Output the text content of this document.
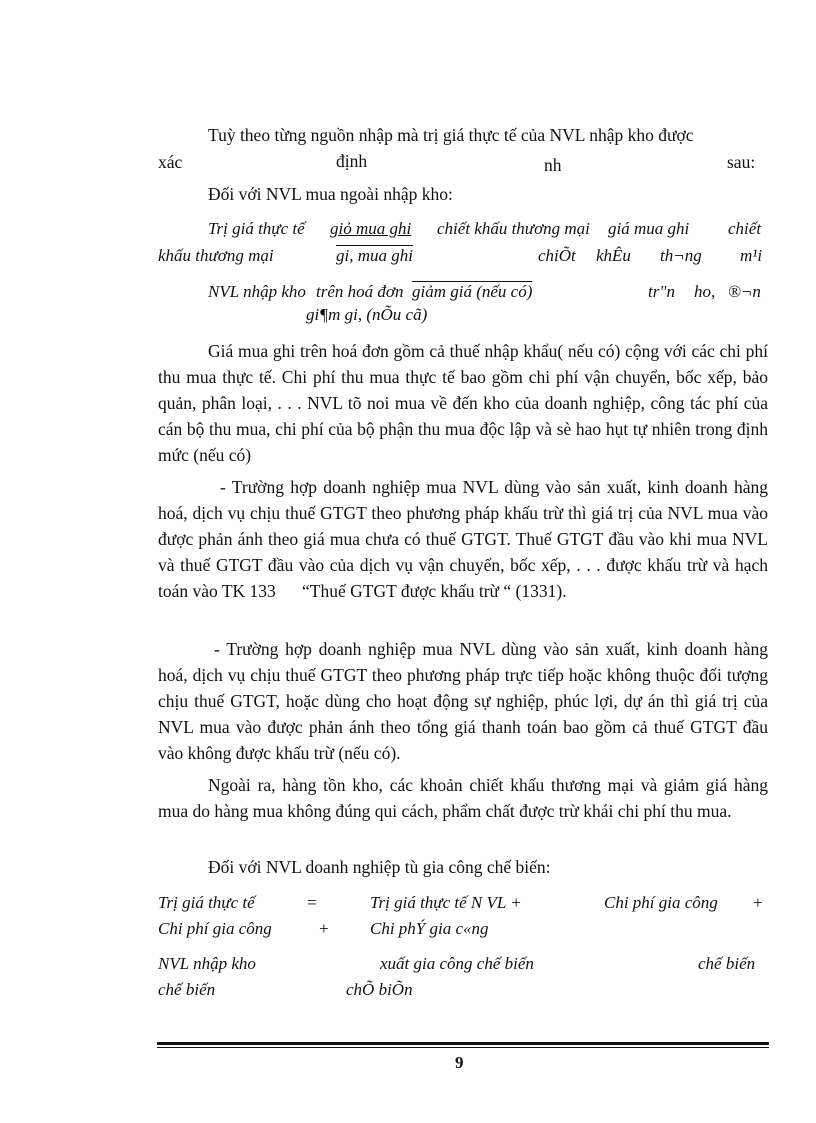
Tuỳ theo từng nguồn nhập mà trị giá thực tế của NVL nhập kho được
xác	định	nh	sau:
Đối với NVL mua ngoài nhập kho:
Trị giá thực tế giỏ mua ghi chiết khấu thương mại giá mua ghi chiết
khấu thương mại	gi, mua ghi	chiÕt khÊu th¬ng m¹i
NVL nhập kho trên hoá đơn giảm giá (nếu có)	tr"n ho, ®¬n
gi¶m gi, (nÕu cã)
Giá mua ghi trên hoá đơn gồm cả thuế nhập khẩu( nếu có) cộng với các chi phí thu mua thực tế. Chi phí thu mua thực tế bao gồm chi phí vận chuyển, bốc xếp, bảo quản, phân loại, . . . NVL tõ noi mua về đến kho của doanh nghiệp, công tác phí của cán bộ thu mua, chi phí của bộ phận thu mua độc lập và sè hao hụt tự nhiên trong định mức (nếu có)
- Trường hợp doanh nghiệp mua NVL dùng vào sản xuất, kinh doanh hàng hoá, dịch vụ chịu thuế GTGT theo phương pháp khấu trừ thì giá trị của NVL mua vào được phản ánh theo giá mua chưa có thuế GTGT. Thuế GTGT đầu vào khi mua NVL và thuế GTGT đầu vào của dịch vụ vận chuyển, bốc xếp, . . . được khấu trừ và hạch toán vào TK 133      “Thuế GTGT được khấu trừ “ (1331).
- Trường hợp doanh nghiệp mua NVL dùng vào sản xuất, kinh doanh hàng hoá, dịch vụ chịu thuế GTGT theo phương pháp trực tiếp hoặc không thuộc đối tượng chịu thuế GTGT, hoặc dùng cho hoạt động sự nghiệp, phúc lợi, dự án thì giá trị của NVL mua vào được phản ánh theo tổng giá thanh toán bao gồm cả thuế GTGT đầu vào không được khấu trừ (nếu có).
Ngoài ra, hàng tồn kho, các khoản chiết khấu thương mại và giảm giá hàng mua do hàng mua không đúng qui cách, phẩm chất được trừ khái chi phí thu mua.
Đối với NVL doanh nghiệp tù gia công chế biến:
Trị giá thực tế	=	Trị giá thực tế N VL +	Chi phí gia công +
Chi phí gia công	+ Chi phÝ gia c«ng
NVL nhập kho	xuất gia công chế biến	chế biến
chế biến	chÕ biÕn
9
